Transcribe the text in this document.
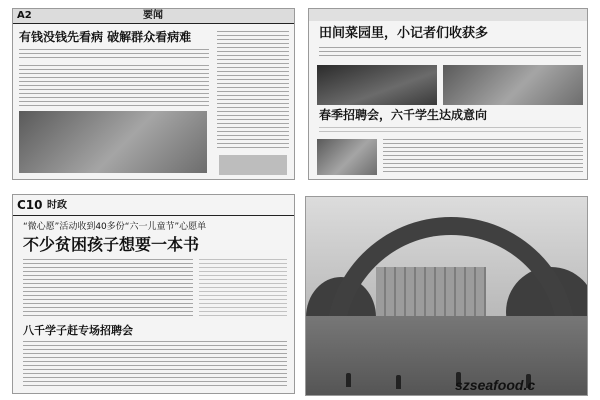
A2	要闻
有钱没钱先看病 破解群众看病难	田间菜园里，小记者们收获多
春季招聘会，六千学生达成意向
C10 时政
“微心愿”活动收到40多份“六一儿童节”心愿单
不少贫困孩子想要一本书
八千学子赶专场招聘会
szseafood.c
